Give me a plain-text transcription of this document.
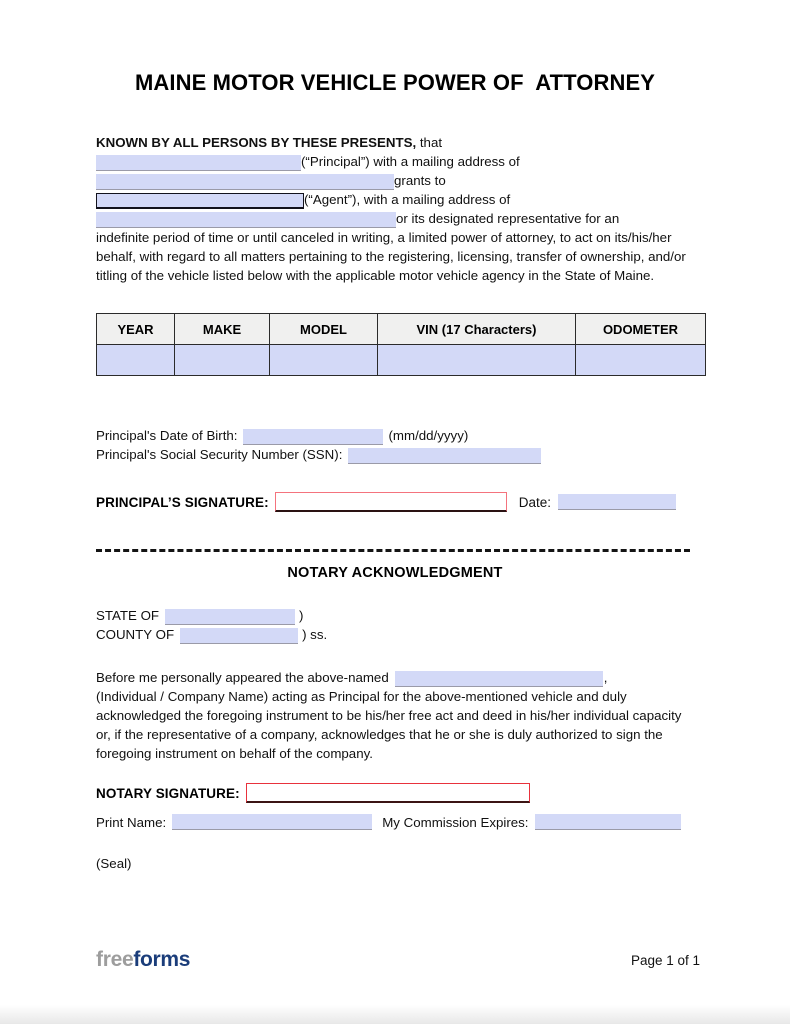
MAINE MOTOR VEHICLE POWER OF  ATTORNEY
KNOWN BY ALL PERSONS BY THESE PRESENTS, that
(“Principal”) with a mailing address of
grants to
(“Agent”), with a mailing address of
or its designated representative for an
indefinite period of time or until canceled in writing, a limited power of attorney, to act on its/his/her behalf, with regard to all matters pertaining to the registering, licensing, transfer of ownership, and/or titling of the vehicle listed below with the applicable motor vehicle agency in the State of Maine.
YEAR	MAKE	MODEL	VIN (17 Characters)	ODOMETER

Principal's Date of Birth:	(mm/dd/yyyy)
Principal's Social Security Number (SSN):
PRINCIPAL’S SIGNATURE:	Date:
NOTARY ACKNOWLEDGMENT
STATE OF	)
COUNTY OF	) ss.
Before me personally appeared the above-named	,
(Individual / Company Name) acting as Principal for the above-mentioned vehicle and duly acknowledged the foregoing instrument to be his/her free act and deed in his/her individual capacity or, if the representative of a company, acknowledges that he or she is duly authorized to sign the foregoing instrument on behalf of the company.
NOTARY SIGNATURE:
Print Name:	My Commission Expires:
(Seal)
freeforms	Page 1 of 1
